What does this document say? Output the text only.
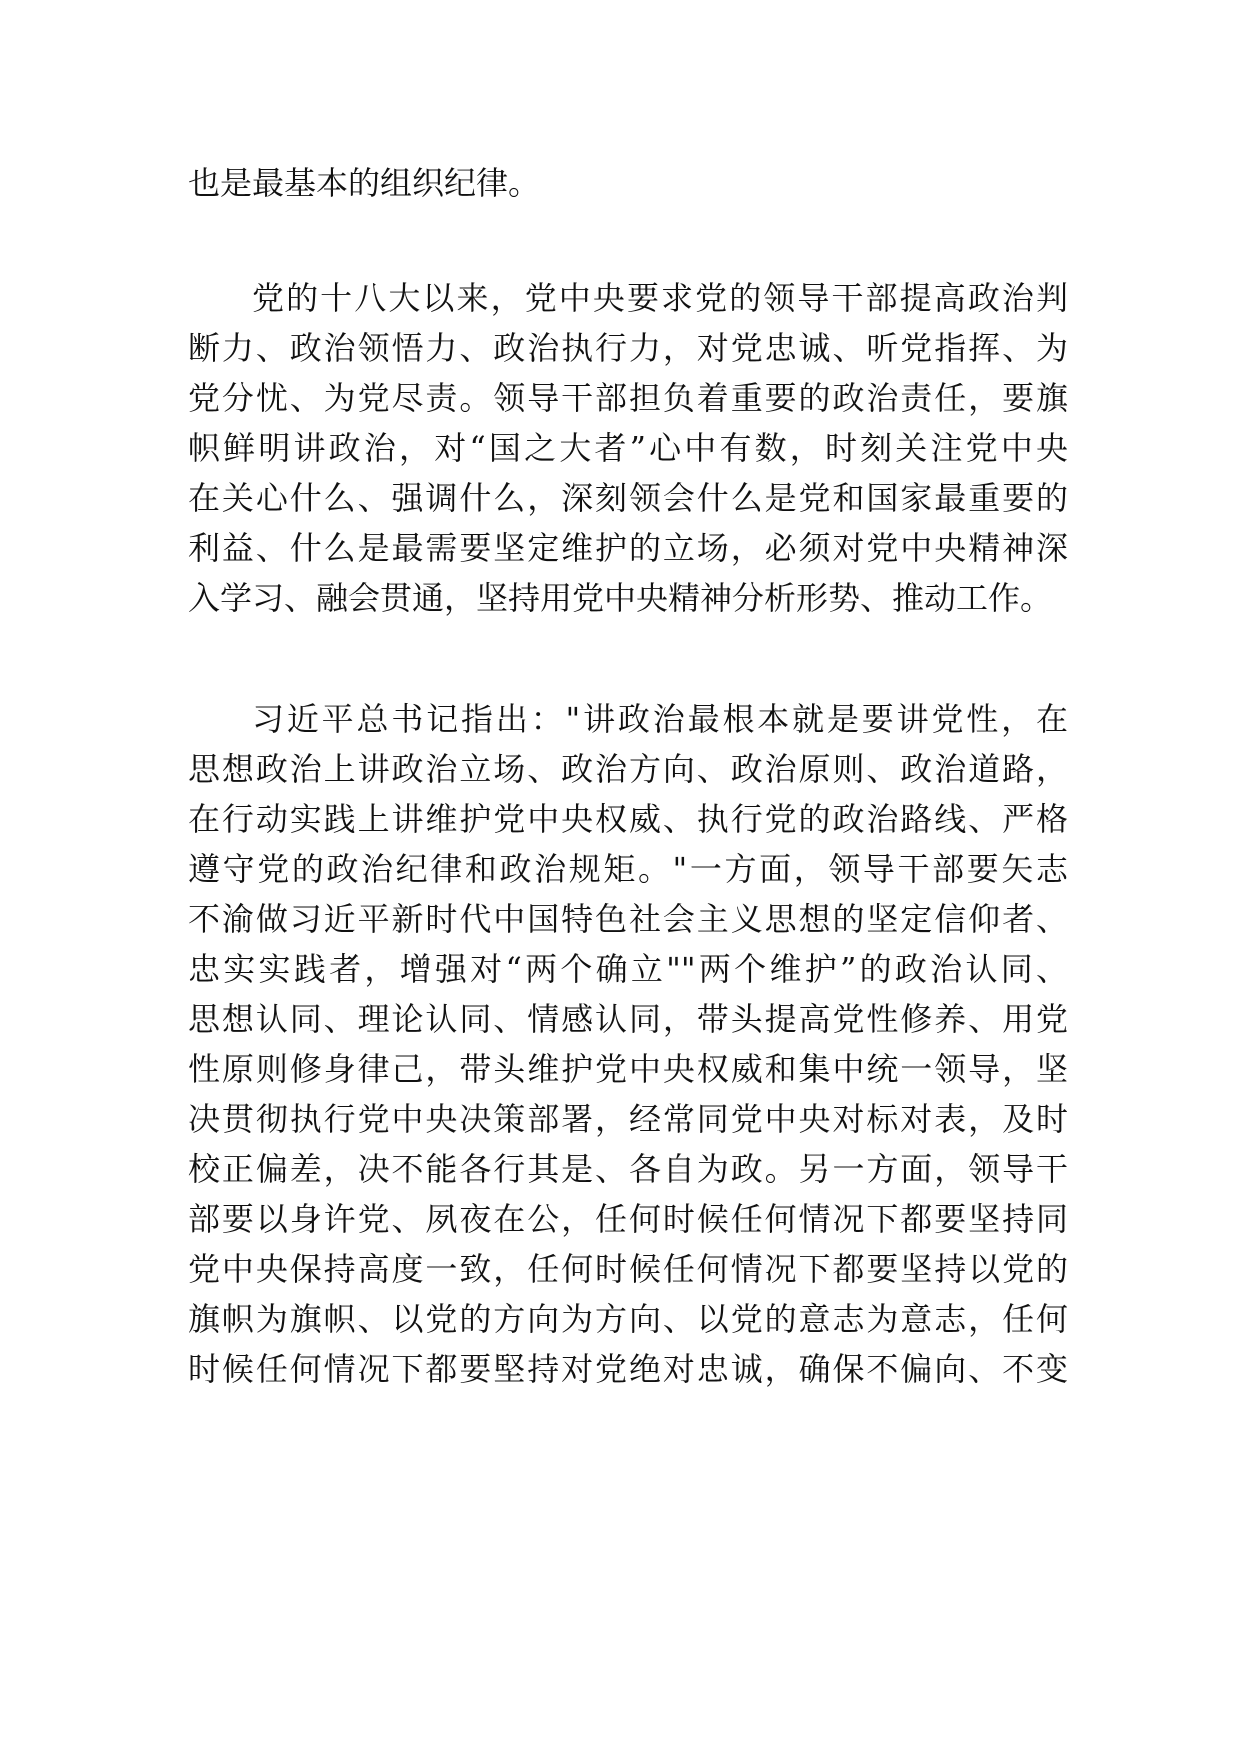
也是最基本的组织纪律。
党的十八大以来，党中央要求党的领导干部提高政治判
断力、政治领悟力、政治执行力，对党忠诚、听党指挥、为
党分忧、为党尽责。领导干部担负着重要的政治责任，要旗
帜鲜明讲政治，对“国之大者”心中有数，时刻关注党中央
在关心什么、强调什么，深刻领会什么是党和国家最重要的
利益、什么是最需要坚定维护的立场，必须对党中央精神深
入学习、融会贯通，坚持用党中央精神分析形势、推动工作。
习近平总书记指出："讲政治最根本就是要讲党性，在
思想政治上讲政治立场、政治方向、政治原则、政治道路，
在行动实践上讲维护党中央权威、执行党的政治路线、严格
遵守党的政治纪律和政治规矩。"一方面，领导干部要矢志
不渝做习近平新时代中国特色社会主义思想的坚定信仰者、
忠实实践者，增强对“两个确立""两个维护”的政治认同、
思想认同、理论认同、情感认同，带头提高党性修养、用党
性原则修身律己，带头维护党中央权威和集中统一领导，坚
决贯彻执行党中央决策部署，经常同党中央对标对表，及时
校正偏差，决不能各行其是、各自为政。另一方面，领导干
部要以身许党、夙夜在公，任何时候任何情况下都要坚持同
党中央保持高度一致，任何时候任何情况下都要坚持以党的
旗帜为旗帜、以党的方向为方向、以党的意志为意志，任何
时候任何情况下都要堅持对党绝对忠诚，确保不偏向、不变
